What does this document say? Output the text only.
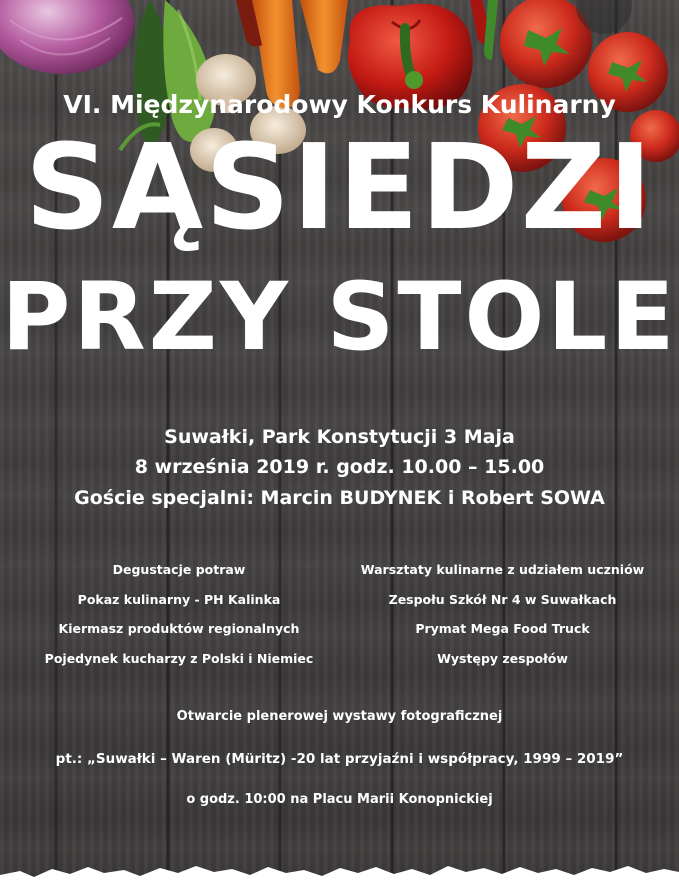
VI. Międzynarodowy Konkurs Kulinarny
SĄSIEDZI
PRZY STOLE
Suwałki, Park Konstytucji 3 Maja
8 września 2019 r. godz. 10.00 – 15.00
Goście specjalni: Marcin BUDYNEK i Robert SOWA
Degustacje potraw
Pokaz kulinarny - PH Kalinka
Kiermasz produktów regionalnych
Pojedynek kucharzy z Polski i Niemiec
Warsztaty kulinarne z udziałem uczniów
Zespołu Szkół Nr 4 w Suwałkach
Prymat Mega Food Truck
Występy zespołów
Otwarcie plenerowej wystawy fotograficznej
pt.: „Suwałki – Waren (Müritz) -20 lat przyjaźni i współpracy, 1999 – 2019”
o godz. 10:00 na Placu Marii Konopnickiej
